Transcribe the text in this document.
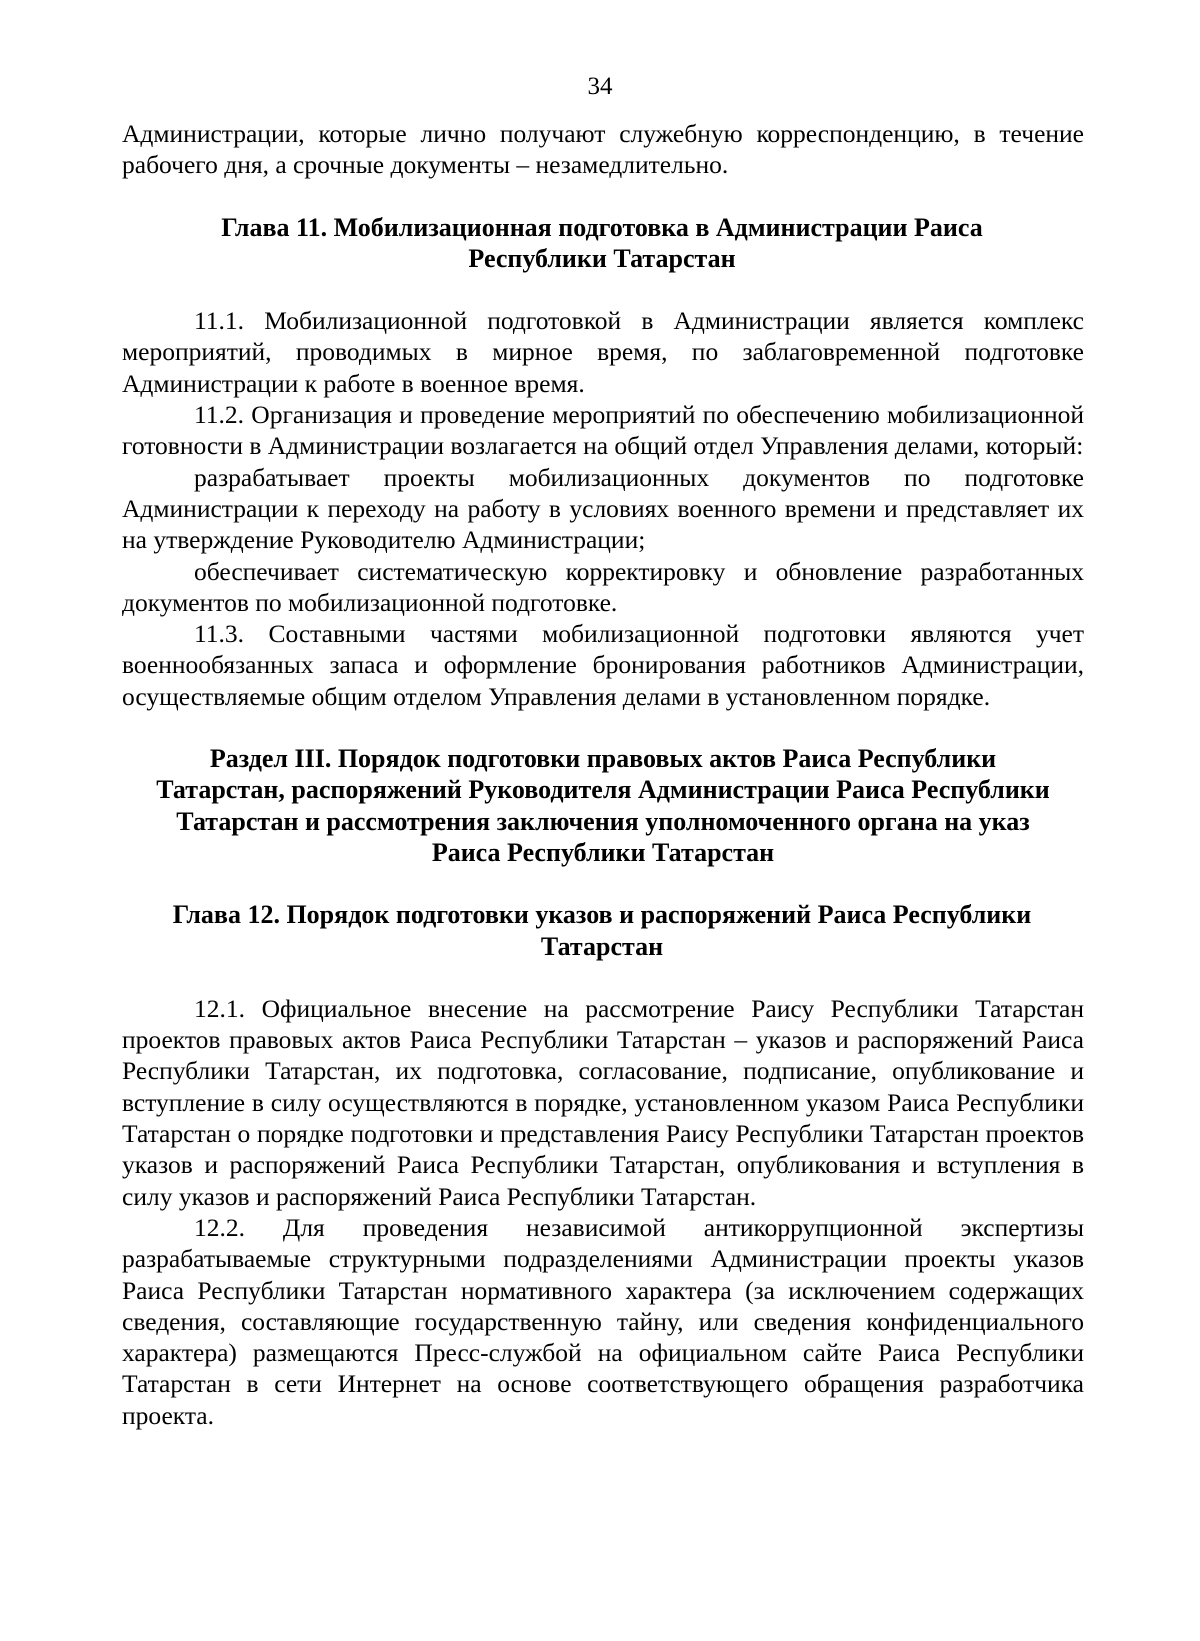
34

Администрации, которые лично получают служебную корреспонденцию, в течение рабочего дня, а срочные документы – незамедлительно.

Глава 11. Мобилизационная подготовка в Администрации Раиса Республики Татарстан

11.1. Мобилизационной подготовкой в Администрации является комплекс мероприятий, проводимых в мирное время, по заблаговременной подготовке Администрации к работе в военное время.

11.2. Организация и проведение мероприятий по обеспечению мобилизационной готовности в Администрации возлагается на общий отдел Управления делами, который:

разрабатывает проекты мобилизационных документов по подготовке Администрации к переходу на работу в условиях военного времени и представляет их на утверждение Руководителю Администрации;

обеспечивает систематическую корректировку и обновление разработанных документов по мобилизационной подготовке.

11.3. Составными частями мобилизационной подготовки являются учет военнообязанных запаса и оформление бронирования работников Администрации, осуществляемые общим отделом Управления делами в установленном порядке.

Раздел III. Порядок подготовки правовых актов Раиса Республики Татарстан, распоряжений Руководителя Администрации Раиса Республики Татарстан и рассмотрения заключения уполномоченного органа на указ Раиса Республики Татарстан
Глава 12. Порядок подготовки указов и распоряжений Раиса Республики Татарстан

12.1. Официальное внесение на рассмотрение Раису Республики Татарстан проектов правовых актов Раиса Республики Татарстан – указов и распоряжений Раиса Республики Татарстан, их подготовка, согласование, подписание, опубликование и вступление в силу осуществляются в порядке, установленном указом Раиса Республики Татарстан о порядке подготовки и представления Раису Республики Татарстан проектов указов и распоряжений Раиса Республики Татарстан, опубликования и вступления в силу указов и распоряжений Раиса Республики Татарстан.

12.2. Для проведения независимой антикоррупционной экспертизы разрабатываемые структурными подразделениями Администрации проекты указов Раиса Республики Татарстан нормативного характера (за исключением содержащих сведения, составляющие государственную тайну, или сведения конфиденциального характера) размещаются Пресс-службой на официальном сайте Раиса Республики Татарстан в сети Интернет на основе соответствующего обращения разработчика проекта.
